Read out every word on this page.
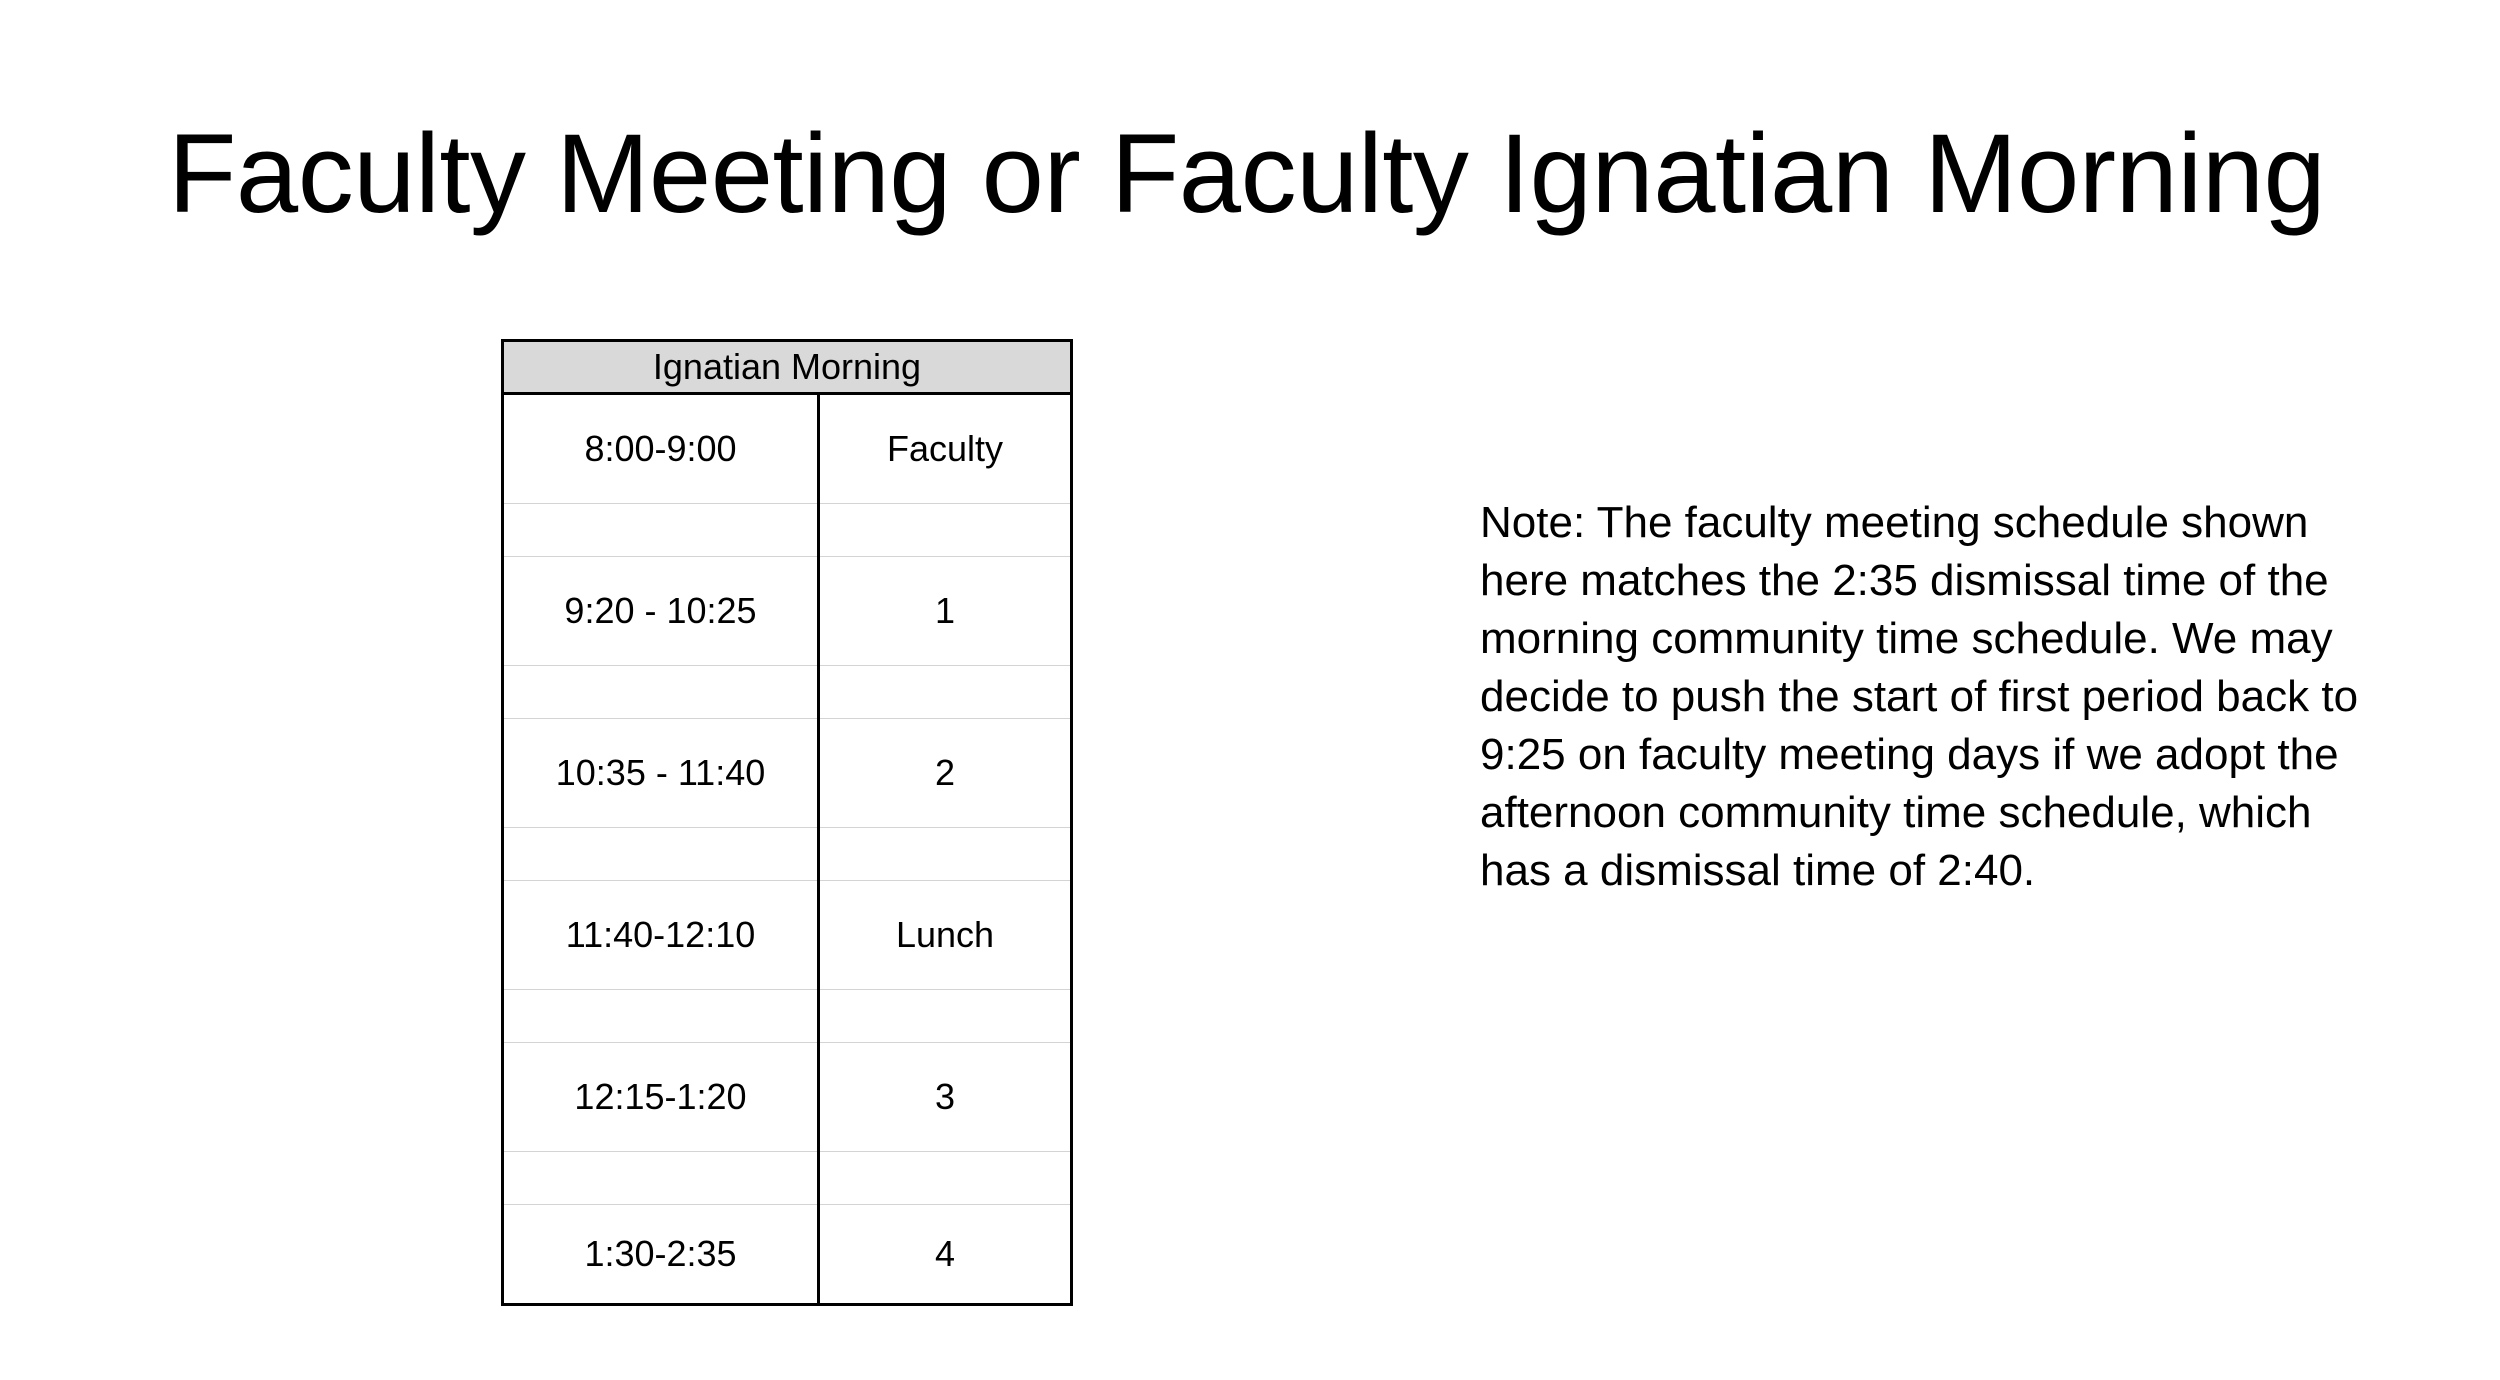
Faculty Meeting or Faculty Ignatian Morning
Ignatian Morning	
8:00-9:00	Faculty

9:20 - 10:25	1

10:35 - 11:40	2

11:40-12:10	Lunch

12:15-1:20	3

1:30-2:35	4

Note: The faculty meeting schedule shown here matches the 2:35 dismissal time of the morning community time schedule. We may decide to push the start of first period back to 9:25 on faculty meeting days if we adopt the afternoon community time schedule, which has a dismissal time of 2:40.
